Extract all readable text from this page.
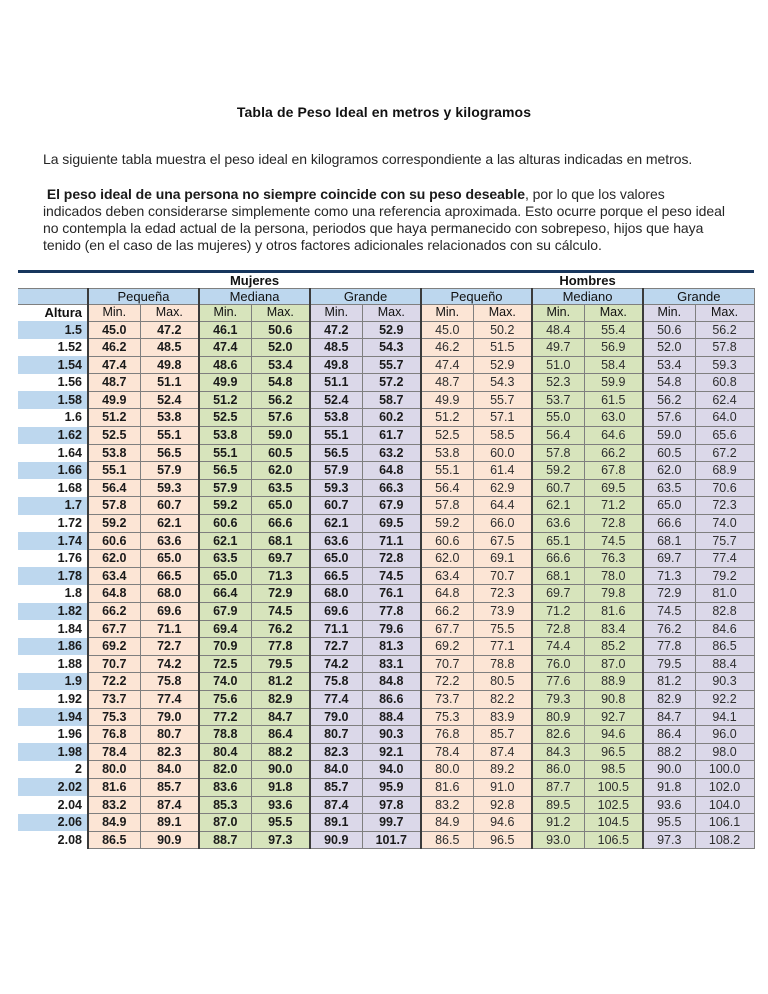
Tabla de Peso Ideal en metros y kilogramos

La siguiente tabla muestra el peso ideal en kilogramos correspondiente a las alturas indicadas en metros.

El peso ideal de una persona no siempre coincide con su peso deseable, por lo que los valores indicados deben considerarse simplemente como una referencia aproximada. Esto ocurre porque el peso ideal no contempla la edad actual de la persona, periodos que haya permanecido con sobrepeso, hijos que haya tenido (en el caso de las mujeres) y otros factores adicionales relacionados con su cálculo.

	Mujeres						Hombres					
	Pequeña		Mediana		Grande		Pequeño		Mediano		Grande	
Altura	Min.	Max.	Min.	Max.	Min.	Max.	Min.	Max.	Min.	Max.	Min.	Max.
1.5	45.0	47.2	46.1	50.6	47.2	52.9	45.0	50.2	48.4	55.4	50.6	56.2
1.52	46.2	48.5	47.4	52.0	48.5	54.3	46.2	51.5	49.7	56.9	52.0	57.8
1.54	47.4	49.8	48.6	53.4	49.8	55.7	47.4	52.9	51.0	58.4	53.4	59.3
1.56	48.7	51.1	49.9	54.8	51.1	57.2	48.7	54.3	52.3	59.9	54.8	60.8
1.58	49.9	52.4	51.2	56.2	52.4	58.7	49.9	55.7	53.7	61.5	56.2	62.4
1.6	51.2	53.8	52.5	57.6	53.8	60.2	51.2	57.1	55.0	63.0	57.6	64.0
1.62	52.5	55.1	53.8	59.0	55.1	61.7	52.5	58.5	56.4	64.6	59.0	65.6
1.64	53.8	56.5	55.1	60.5	56.5	63.2	53.8	60.0	57.8	66.2	60.5	67.2
1.66	55.1	57.9	56.5	62.0	57.9	64.8	55.1	61.4	59.2	67.8	62.0	68.9
1.68	56.4	59.3	57.9	63.5	59.3	66.3	56.4	62.9	60.7	69.5	63.5	70.6
1.7	57.8	60.7	59.2	65.0	60.7	67.9	57.8	64.4	62.1	71.2	65.0	72.3
1.72	59.2	62.1	60.6	66.6	62.1	69.5	59.2	66.0	63.6	72.8	66.6	74.0
1.74	60.6	63.6	62.1	68.1	63.6	71.1	60.6	67.5	65.1	74.5	68.1	75.7
1.76	62.0	65.0	63.5	69.7	65.0	72.8	62.0	69.1	66.6	76.3	69.7	77.4
1.78	63.4	66.5	65.0	71.3	66.5	74.5	63.4	70.7	68.1	78.0	71.3	79.2
1.8	64.8	68.0	66.4	72.9	68.0	76.1	64.8	72.3	69.7	79.8	72.9	81.0
1.82	66.2	69.6	67.9	74.5	69.6	77.8	66.2	73.9	71.2	81.6	74.5	82.8
1.84	67.7	71.1	69.4	76.2	71.1	79.6	67.7	75.5	72.8	83.4	76.2	84.6
1.86	69.2	72.7	70.9	77.8	72.7	81.3	69.2	77.1	74.4	85.2	77.8	86.5
1.88	70.7	74.2	72.5	79.5	74.2	83.1	70.7	78.8	76.0	87.0	79.5	88.4
1.9	72.2	75.8	74.0	81.2	75.8	84.8	72.2	80.5	77.6	88.9	81.2	90.3
1.92	73.7	77.4	75.6	82.9	77.4	86.6	73.7	82.2	79.3	90.8	82.9	92.2
1.94	75.3	79.0	77.2	84.7	79.0	88.4	75.3	83.9	80.9	92.7	84.7	94.1
1.96	76.8	80.7	78.8	86.4	80.7	90.3	76.8	85.7	82.6	94.6	86.4	96.0
1.98	78.4	82.3	80.4	88.2	82.3	92.1	78.4	87.4	84.3	96.5	88.2	98.0
2	80.0	84.0	82.0	90.0	84.0	94.0	80.0	89.2	86.0	98.5	90.0	100.0
2.02	81.6	85.7	83.6	91.8	85.7	95.9	81.6	91.0	87.7	100.5	91.8	102.0
2.04	83.2	87.4	85.3	93.6	87.4	97.8	83.2	92.8	89.5	102.5	93.6	104.0
2.06	84.9	89.1	87.0	95.5	89.1	99.7	84.9	94.6	91.2	104.5	95.5	106.1
2.08	86.5	90.9	88.7	97.3	90.9	101.7	86.5	96.5	93.0	106.5	97.3	108.2
